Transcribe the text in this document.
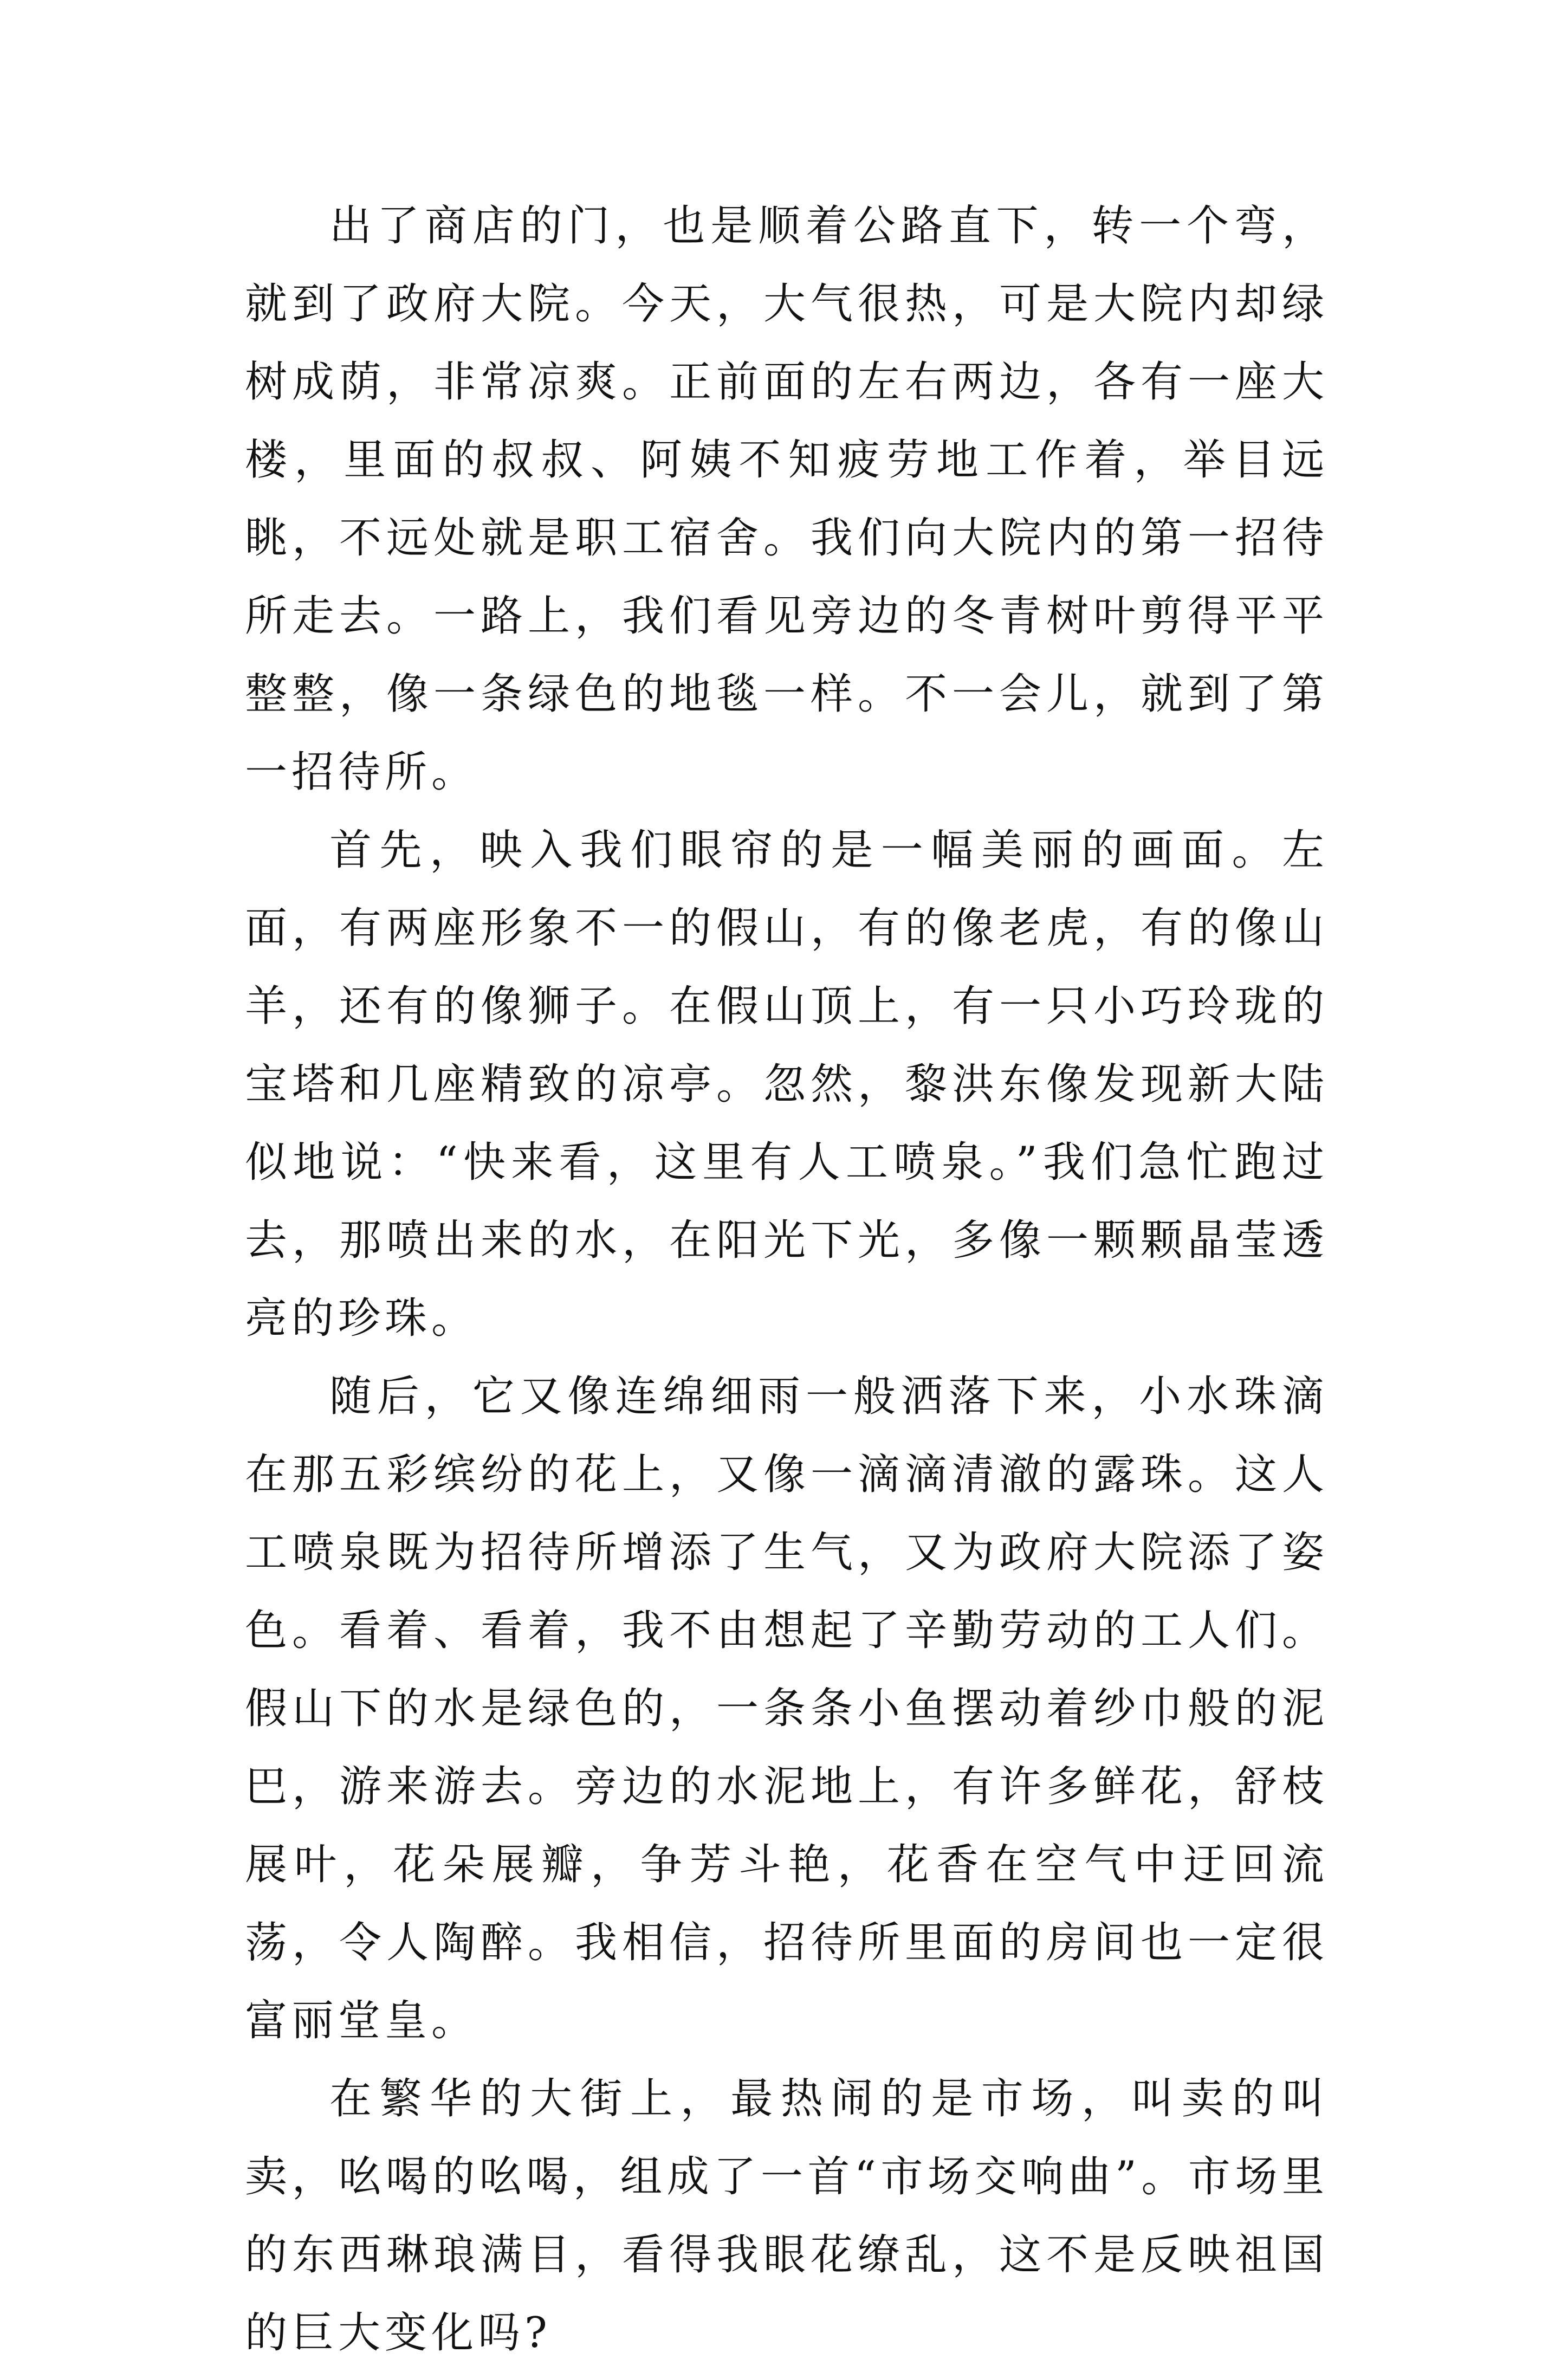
出了商店的门，也是顺着公路直下，转一个弯，就到了政府大院。今天，大气很热，可是大院内却绿树成荫，非常凉爽。正前面的左右两边，各有一座大楼，里面的叔叔、阿姨不知疲劳地工作着，举目远眺，不远处就是职工宿舍。我们向大院内的第一招待所走去。一路上，我们看见旁边的冬青树叶剪得平平整整，像一条绿色的地毯一样。不一会儿，就到了第一招待所。

首先，映入我们眼帘的是一幅美丽的画面。左面，有两座形象不一的假山，有的像老虎，有的像山羊，还有的像狮子。在假山顶上，有一只小巧玲珑的宝塔和几座精致的凉亭。忽然，黎洪东像发现新大陆似地说：“快来看，这里有人工喷泉。”我们急忙跑过去，那喷出来的水，在阳光下光，多像一颗颗晶莹透亮的珍珠。

随后，它又像连绵细雨一般洒落下来，小水珠滴在那五彩缤纷的花上，又像一滴滴清澈的露珠。这人工喷泉既为招待所增添了生气，又为政府大院添了姿色。看着、看着，我不由想起了辛勤劳动的工人们。假山下的水是绿色的，一条条小鱼摆动着纱巾般的泥巴，游来游去。旁边的水泥地上，有许多鲜花，舒枝展叶，花朵展瓣，争芳斗艳，花香在空气中迂回流荡，令人陶醉。我相信，招待所里面的房间也一定很富丽堂皇。

在繁华的大街上，最热闹的是市场，叫卖的叫卖，吆喝的吆喝，组成了一首“市场交响曲”。市场里的东西琳琅满目，看得我眼花缭乱，这不是反映祖国的巨大变化吗?
